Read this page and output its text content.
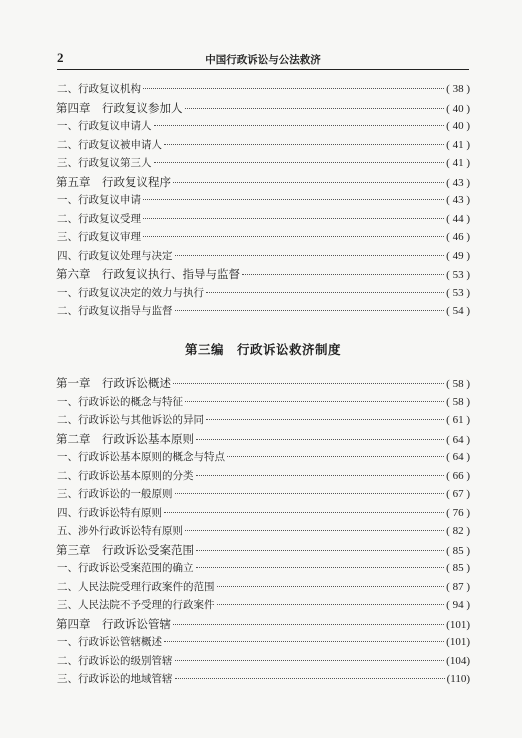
2	中国行政诉讼与公法救济
二、行政复议机构	( 38 )
第四章　行政复议参加人	( 40 )
一、行政复议申请人	( 40 )
二、行政复议被申请人	( 41 )
三、行政复议第三人	( 41 )
第五章　行政复议程序	( 43 )
一、行政复议申请	( 43 )
二、行政复议受理	( 44 )
三、行政复议审理	( 46 )
四、行政复议处理与决定	( 49 )
第六章　行政复议执行、指导与监督	( 53 )
一、行政复议决定的效力与执行	( 53 )
二、行政复议指导与监督	( 54 )
第三编　行政诉讼救济制度
第一章　行政诉讼概述	( 58 )
一、行政诉讼的概念与特征	( 58 )
二、行政诉讼与其他诉讼的异同	( 61 )
第二章　行政诉讼基本原则	( 64 )
一、行政诉讼基本原则的概念与特点	( 64 )
二、行政诉讼基本原则的分类	( 66 )
三、行政诉讼的一般原则	( 67 )
四、行政诉讼特有原则	( 76 )
五、涉外行政诉讼特有原则	( 82 )
第三章　行政诉讼受案范围	( 85 )
一、行政诉讼受案范围的确立	( 85 )
二、人民法院受理行政案件的范围	( 87 )
三、人民法院不予受理的行政案件	( 94 )
第四章　行政诉讼管辖	(101)
一、行政诉讼管辖概述	(101)
二、行政诉讼的级别管辖	(104)
三、行政诉讼的地域管辖	(110)
